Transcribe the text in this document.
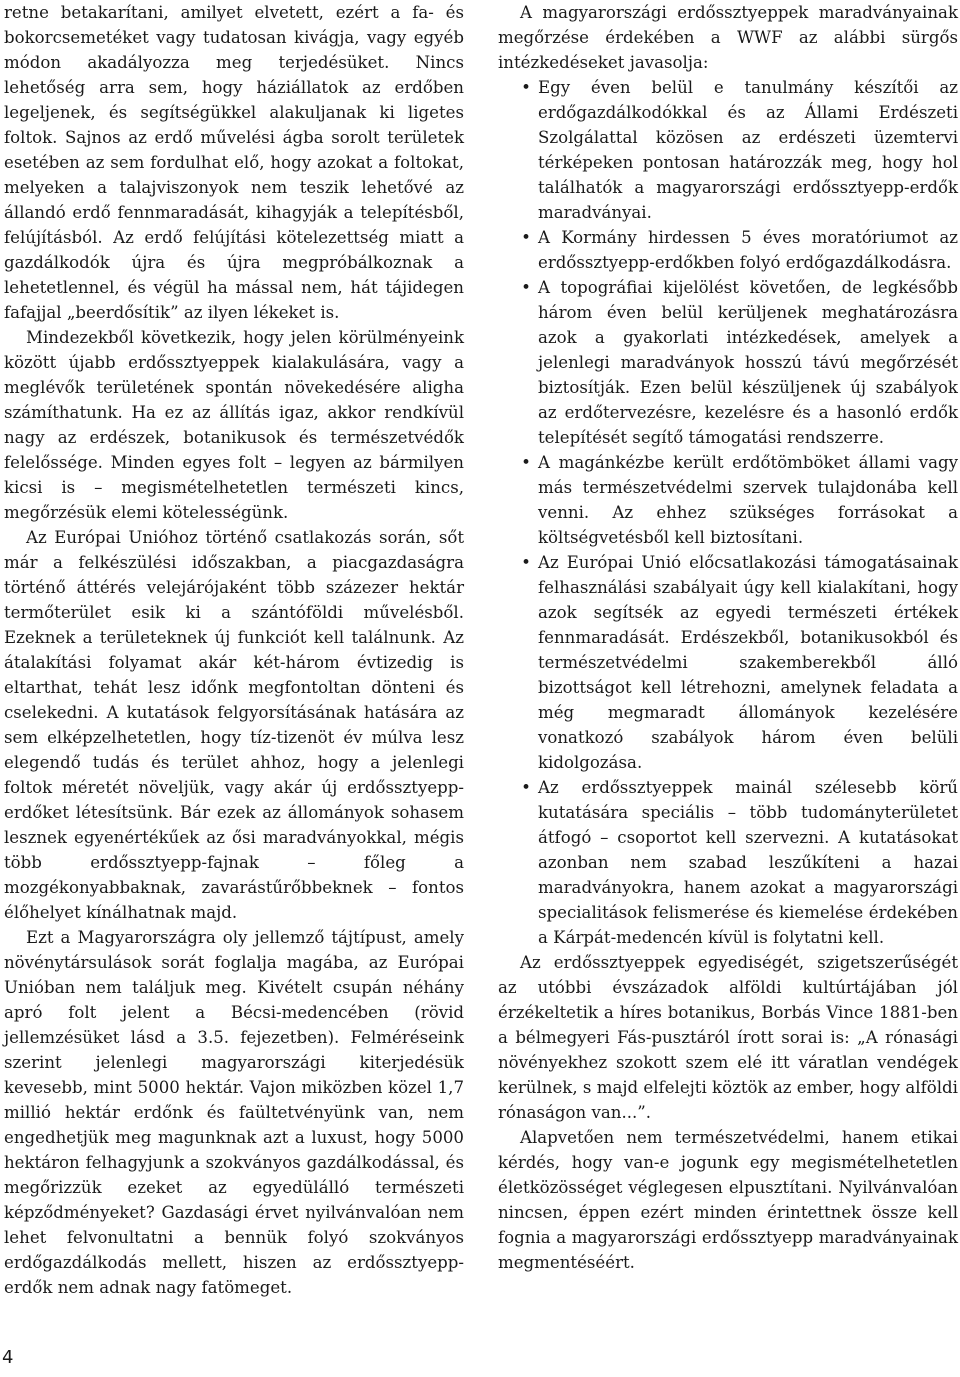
retne betakarítani, amilyet elvetett, ezért a fa- és bokorcsemetéket vagy tudatosan kivágja, vagy egyéb módon akadályozza meg terjedésüket. Nincs lehetőség arra sem, hogy háziállatok az erdőben legeljenek, és segítségükkel alakuljanak ki ligetes foltok. Sajnos az erdő művelési ágba sorolt területek esetében az sem fordulhat elő, hogy azokat a foltokat, melyeken a talajviszonyok nem teszik lehetővé az állandó erdő fennmaradását, kihagyják a telepítésből, felújításból. Az erdő felújítási kötelezettség miatt a gazdálkodók újra és újra megpróbálkoznak a lehetetlennel, és végül ha mással nem, hát tájidegen fafajjal „beerdősítik” az ilyen lékeket is.

Mindezekből következik, hogy jelen körülményeink között újabb erdőssztyeppek kialakulására, vagy a meglévők területének spontán növekedésére aligha számíthatunk. Ha ez az állítás igaz, akkor rendkívül nagy az erdészek, botanikusok és természetvédők felelőssége. Minden egyes folt – legyen az bármilyen kicsi is – megismételhetetlen természeti kincs, megőrzésük elemi kötelességünk.

Az Európai Unióhoz történő csatlakozás során, sőt már a felkészülési időszakban, a piacgazdaságra történő áttérés velejárójaként több százezer hektár termőterület esik ki a szántóföldi művelésből. Ezeknek a területeknek új funkciót kell találnunk. Az átalakítási folyamat akár két-három évtizedig is eltarthat, tehát lesz időnk megfontoltan dönteni és cselekedni. A kutatások felgyorsításának hatására az sem elképzelhetetlen, hogy tíz-tizenöt év múlva lesz elegendő tudás és terület ahhoz, hogy a jelenlegi foltok méretét növeljük, vagy akár új erdőssztyepp-erdőket létesítsünk. Bár ezek az állományok sohasem lesznek egyenértékűek az ősi maradványokkal, mégis több erdőssztyepp-fajnak – főleg a mozgékonyabbaknak, zavarástűrőbbeknek – fontos élőhelyet kínálhatnak majd.

Ezt a Magyarországra oly jellemző tájtípust, amely növénytársulások sorát foglalja magába, az Európai Unióban nem találjuk meg. Kivételt csupán néhány apró folt jelent a Bécsi-medencében (rövid jellemzésüket lásd a 3.5. fejezetben). Felméréseink szerint jelenlegi magyarországi kiterjedésük kevesebb, mint 5000 hektár. Vajon miközben közel 1,7 millió hektár erdőnk és faültetvényünk van, nem engedhetjük meg magunknak azt a luxust, hogy 5000 hektáron felhagyjunk a szokványos gazdálkodással, és megőrizzük ezeket az egyedülálló természeti képződményeket? Gazdasági érvet nyilvánvalóan nem lehet felvonultatni a bennük folyó szokványos erdőgazdálkodás mellett, hiszen az erdőssztyepp-erdők nem adnak nagy fatömeget.

A magyarországi erdőssztyeppek maradványainak megőrzése érdekében a WWF az alábbi sürgős intézkedéseket javasolja:

• Egy éven belül e tanulmány készítői az erdőgazdálkodókkal és az Állami Erdészeti Szolgálattal közösen az erdészeti üzemtervi térképeken pontosan határozzák meg, hogy hol találhatók a magyarországi erdőssztyepp-erdők maradványai.
• A Kormány hirdessen 5 éves moratóriumot az erdőssztyepp-erdőkben folyó erdőgazdálkodásra.
• A topográfiai kijelölést követően, de legkésőbb három éven belül kerüljenek meghatározásra azok a gyakorlati intézkedések, amelyek a jelenlegi maradványok hosszú távú megőrzését biztosítják. Ezen belül készüljenek új szabályok az erdőtervezésre, kezelésre és a hasonló erdők telepítését segítő támogatási rendszerre.
• A magánkézbe került erdőtömböket állami vagy más természetvédelmi szervek tulajdonába kell venni. Az ehhez szükséges forrásokat a költségvetésből kell biztosítani.
• Az Európai Unió előcsatlakozási támogatásainak felhasználási szabályait úgy kell kialakítani, hogy azok segítsék az egyedi természeti értékek fennmaradását. Erdészekből, botanikusokból és természetvédelmi szakemberekből álló bizottságot kell létrehozni, amelynek feladata a még megmaradt állományok kezelésére vonatkozó szabályok három éven belüli kidolgozása.
• Az erdőssztyeppek mainál szélesebb körű kutatására speciális – több tudományterületet átfogó – csoportot kell szervezni. A kutatásokat azonban nem szabad leszűkíteni a hazai maradványokra, hanem azokat a magyarországi specialitások felismerése és kiemelése érdekében a Kárpát-medencén kívül is folytatni kell.

Az erdőssztyeppek egyediségét, szigetszerűségét az utóbbi évszázadok alföldi kultúrtájában jól érzékeltetik a híres botanikus, Borbás Vince 1881-ben a bélmegyeri Fás-pusztáról írott sorai is: „A rónasági növényekhez szokott szem elé itt váratlan vendégek kerülnek, s majd elfelejti köztök az ember, hogy alföldi rónaságon van...”.

Alapvetően nem természetvédelmi, hanem etikai kérdés, hogy van-e jogunk egy megismételhetetlen életközösséget véglegesen elpusztítani. Nyilvánvalóan nincsen, éppen ezért minden érintettnek össze kell fognia a magyarországi erdőssztyepp maradványainak megmentéséért.

4
